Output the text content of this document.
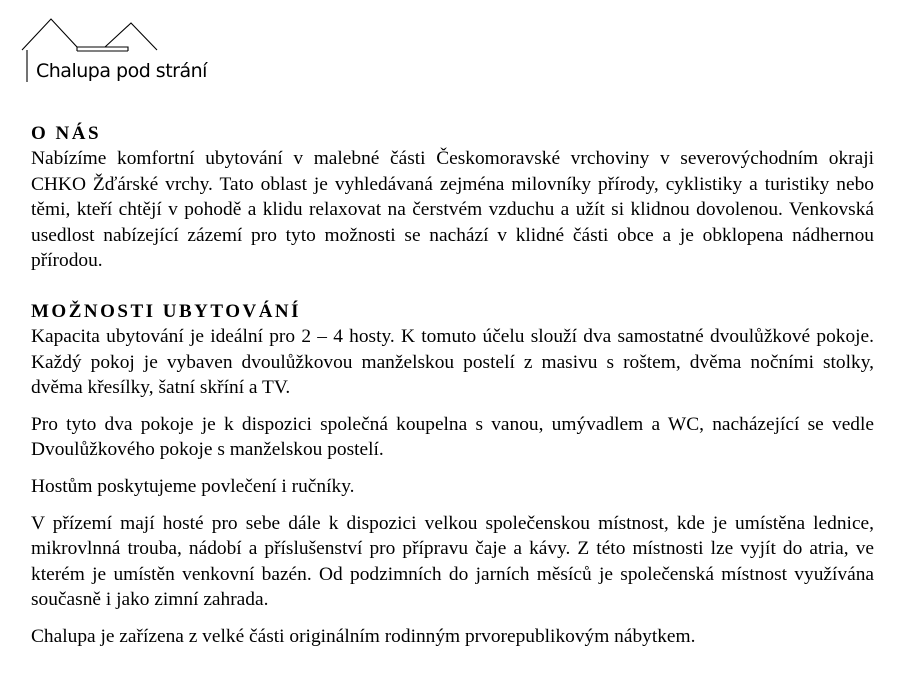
Chalupa pod strání
O NÁS

Nabízíme komfortní ubytování v malebné části Českomoravské vrchoviny v severovýchodním okraji CHKO Žďárské vrchy. Tato oblast je vyhledávaná zejména milovníky přírody, cyklistiky a turistiky nebo těmi, kteří chtějí v pohodě a klidu relaxovat na čerstvém vzduchu a užít si klidnou dovolenou. Venkovská usedlost nabízející zázemí pro tyto možnosti se nachází v klidné části obce a je obklopena nádhernou přírodou.

MOŽNOSTI UBYTOVÁNÍ

Kapacita ubytování je ideální pro 2 – 4 hosty. K tomuto účelu slouží dva samostatné dvoulůžkové pokoje. Každý pokoj je vybaven dvoulůžkovou manželskou postelí z masivu s roštem, dvěma nočními stolky, dvěma křesílky, šatní skříní a TV.

Pro tyto dva pokoje je k dispozici společná koupelna s vanou, umývadlem a WC, nacházející se vedle Dvoulůžkového pokoje s manželskou postelí.

Hostům poskytujeme povlečení i ručníky.

V přízemí mají hosté pro sebe dále k dispozici velkou společenskou místnost, kde je umístěna lednice, mikrovlnná trouba, nádobí a příslušenství pro přípravu čaje a kávy. Z této místnosti lze vyjít do atria, ve kterém je umístěn venkovní bazén. Od podzimních do jarních měsíců je společenská místnost využívána současně i jako zimní zahrada.

Chalupa je zařízena z velké části originálním rodinným prvorepublikovým nábytkem.
